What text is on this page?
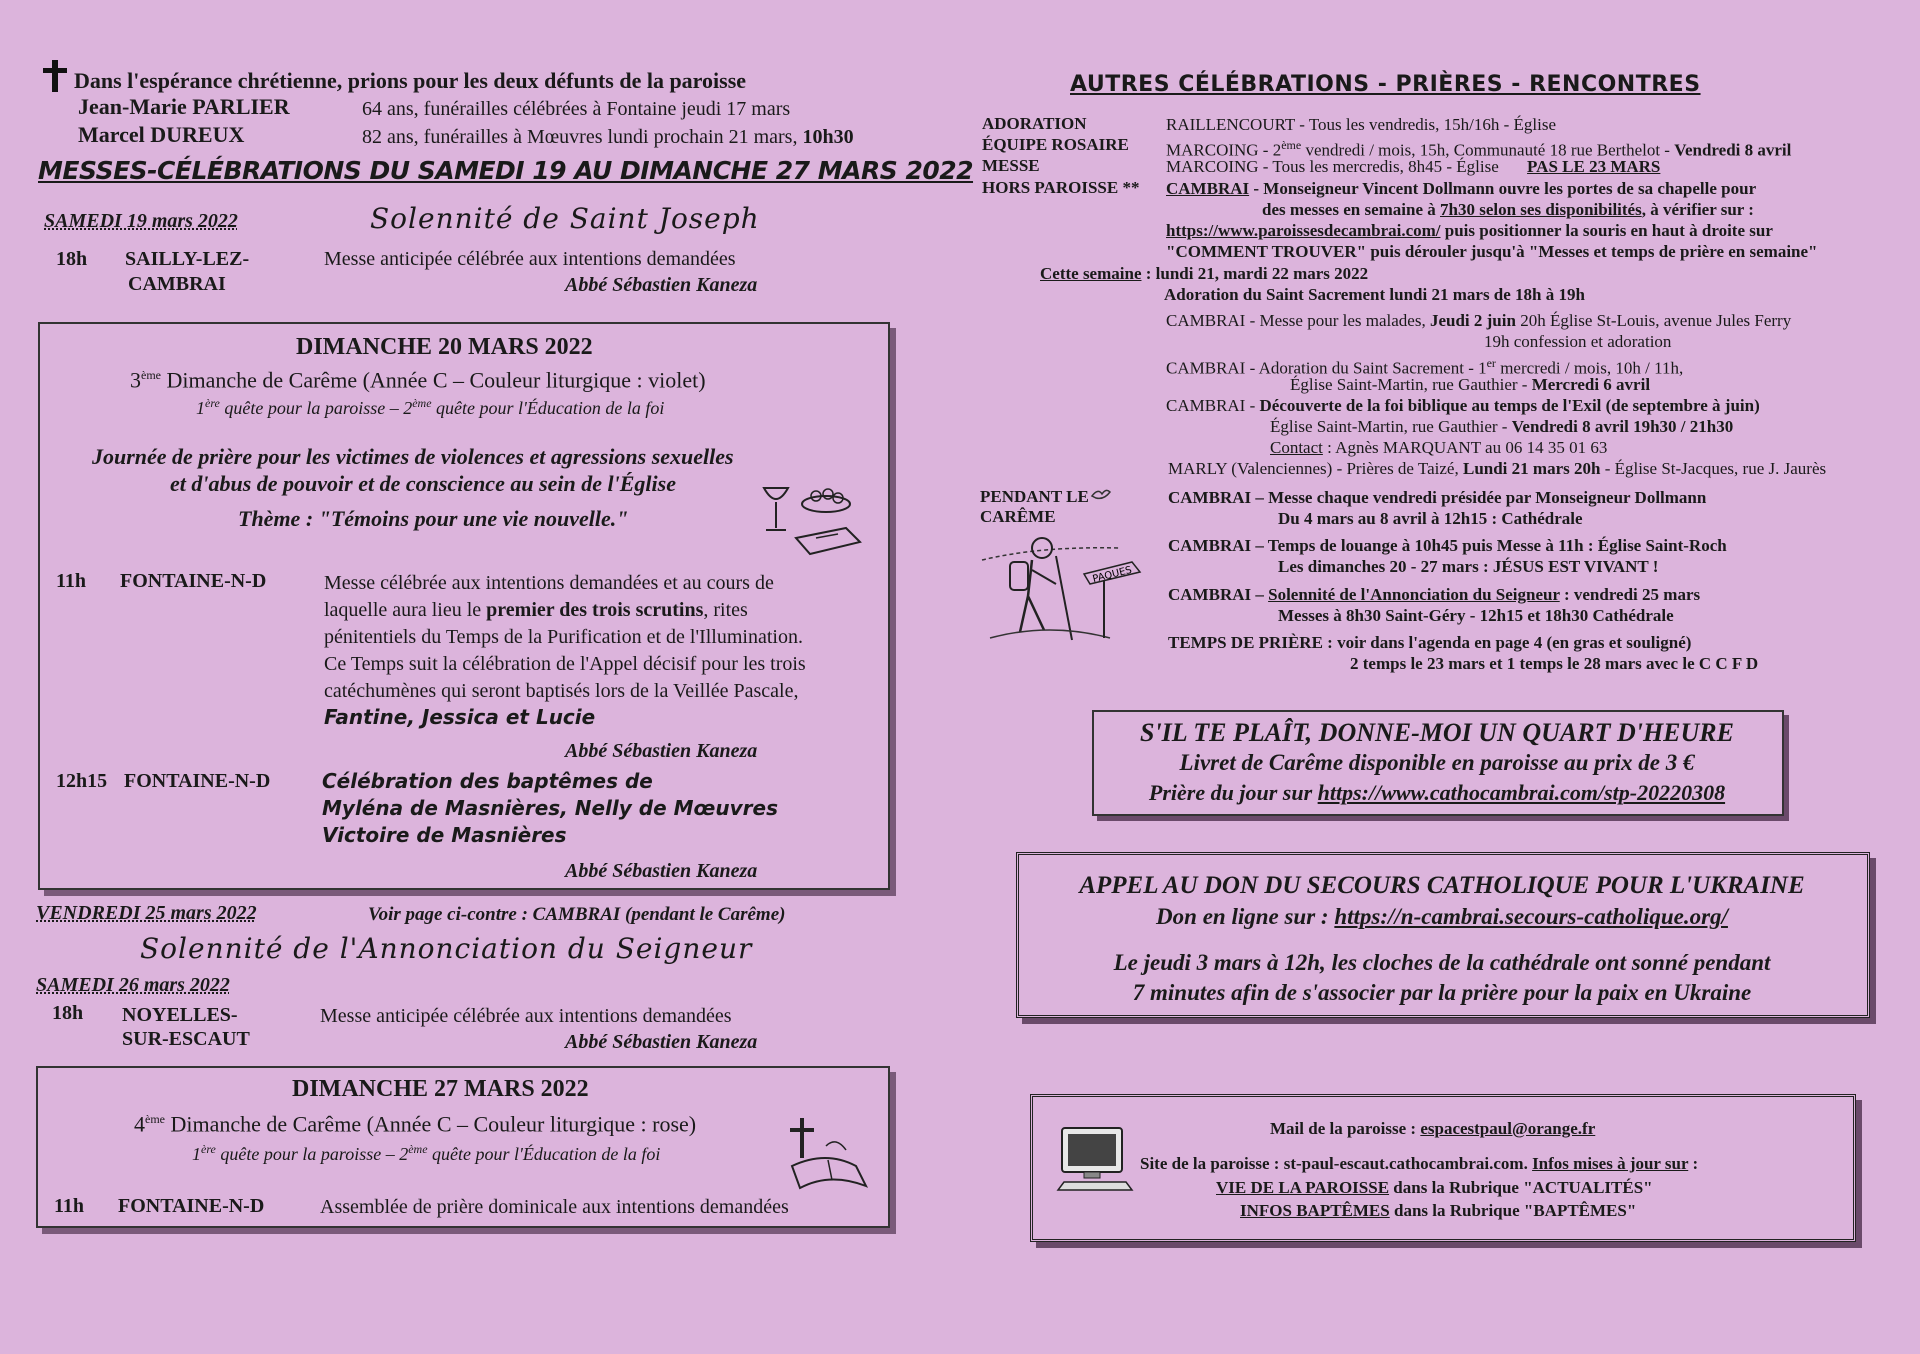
Dans l'espérance chrétienne, prions pour les deux défunts de la paroisse
Jean-Marie PARLIER	64 ans, funérailles célébrées à Fontaine jeudi 17 mars
Marcel DUREUX	82 ans, funérailles à Mœuvres lundi prochain 21 mars, 10h30
MESSES-CÉLÉBRATIONS DU SAMEDI 19 AU DIMANCHE 27 MARS 2022
SAMEDI 19 mars 2022	Solennité de Saint Joseph
18h SAILLY-LEZ-
CAMBRAI
Messe anticipée célébrée aux intentions demandées
Abbé Sébastien Kaneza
DIMANCHE 20 MARS 2022
3ème Dimanche de Carême (Année C – Couleur liturgique : violet)
1ère quête pour la paroisse – 2ème quête pour l'Éducation de la foi
Journée de prière pour les victimes de violences et agressions sexuelles
et d'abus de pouvoir et de conscience au sein de l'Église
Thème : "Témoins pour une vie nouvelle."
11h FONTAINE-N-D	Messe célébrée aux intentions demandées et au cours de
laquelle aura lieu le premier des trois scrutins, rites
pénitentiels du Temps de la Purification et de l'Illumination.
Ce Temps suit la célébration de l'Appel décisif pour les trois
catéchumènes qui seront baptisés lors de la Veillée Pascale,
Fantine, Jessica et Lucie
Abbé Sébastien Kaneza
12h15 FONTAINE-N-D	Célébration des baptêmes de
Myléna de Masnières, Nelly de Mœuvres
Victoire de Masnières
Abbé Sébastien Kaneza
VENDREDI 25 mars 2022	Voir page ci-contre : CAMBRAI (pendant le Carême)
Solennité de l'Annonciation du Seigneur
SAMEDI 26 mars 2022
18h NOYELLES-
SUR-ESCAUT
Messe anticipée célébrée aux intentions demandées
Abbé Sébastien Kaneza
DIMANCHE 27 MARS 2022
4ème Dimanche de Carême (Année C – Couleur liturgique : rose)
1ère quête pour la paroisse – 2ème quête pour l'Éducation de la foi
11h FONTAINE-N-D	Assemblée de prière dominicale aux intentions demandées
AUTRES CÉLÉBRATIONS - PRIÈRES - RENCONTRES
ADORATION	RAILLENCOURT - Tous les vendredis, 15h/16h - Église
ÉQUIPE ROSAIRE MARCOING - 2ème vendredi / mois, 15h, Communauté 18 rue Berthelot - Vendredi 8 avril
MESSE	MARCOING - Tous les mercredis, 8h45 - Église PAS LE 23 MARS
HORS PAROISSE ** CAMBRAI - Monseigneur Vincent Dollmann ouvre les portes de sa chapelle pour
des messes en semaine à 7h30 selon ses disponibilités, à vérifier sur :
https://www.paroissesdecambrai.com/ puis positionner la souris en haut à droite sur
"COMMENT TROUVER" puis dérouler jusqu'à "Messes et temps de prière en semaine"
Cette semaine : lundi 21, mardi 22 mars 2022
Adoration du Saint Sacrement lundi 21 mars de 18h à 19h
CAMBRAI - Messe pour les malades, Jeudi 2 juin 20h Église St-Louis, avenue Jules Ferry
19h confession et adoration
CAMBRAI - Adoration du Saint Sacrement - 1er mercredi / mois, 10h / 11h,
Église Saint-Martin, rue Gauthier - Mercredi 6 avril
CAMBRAI - Découverte de la foi biblique au temps de l'Exil (de septembre à juin)
Église Saint-Martin, rue Gauthier - Vendredi 8 avril 19h30 / 21h30
Contact : Agnès MARQUANT au 06 14 35 01 63
MARLY (Valenciennes) - Prières de Taizé, Lundi 21 mars 20h - Église St-Jacques, rue J. Jaurès
PENDANT LE
CARÊME
PAQUES
CAMBRAI – Messe chaque vendredi présidée par Monseigneur Dollmann
Du 4 mars au 8 avril à 12h15 : Cathédrale
CAMBRAI – Temps de louange à 10h45 puis Messe à 11h : Église Saint-Roch
Les dimanches 20 - 27 mars : JÉSUS EST VIVANT !
CAMBRAI – Solennité de l'Annonciation du Seigneur : vendredi 25 mars
Messes à 8h30 Saint-Géry - 12h15 et 18h30 Cathédrale
TEMPS DE PRIÈRE : voir dans l'agenda en page 4 (en gras et souligné)
2 temps le 23 mars et 1 temps le 28 mars avec le C C F D
S'IL TE PLAÎT, DONNE-MOI UN QUART D'HEURE
Livret de Carême disponible en paroisse au prix de 3 €
Prière du jour sur https://www.cathocambrai.com/stp-20220308
APPEL AU DON DU SECOURS CATHOLIQUE POUR L'UKRAINE
Don en ligne sur : https://n-cambrai.secours-catholique.org/
Le jeudi 3 mars à 12h, les cloches de la cathédrale ont sonné pendant
7 minutes afin de s'associer par la prière pour la paix en Ukraine
Mail de la paroisse : espacestpaul@orange.fr
Site de la paroisse : st-paul-escaut.cathocambrai.com. Infos mises à jour sur :
VIE DE LA PAROISSE dans la Rubrique "ACTUALITÉS"
INFOS BAPTÊMES dans la Rubrique "BAPTÊMES"
